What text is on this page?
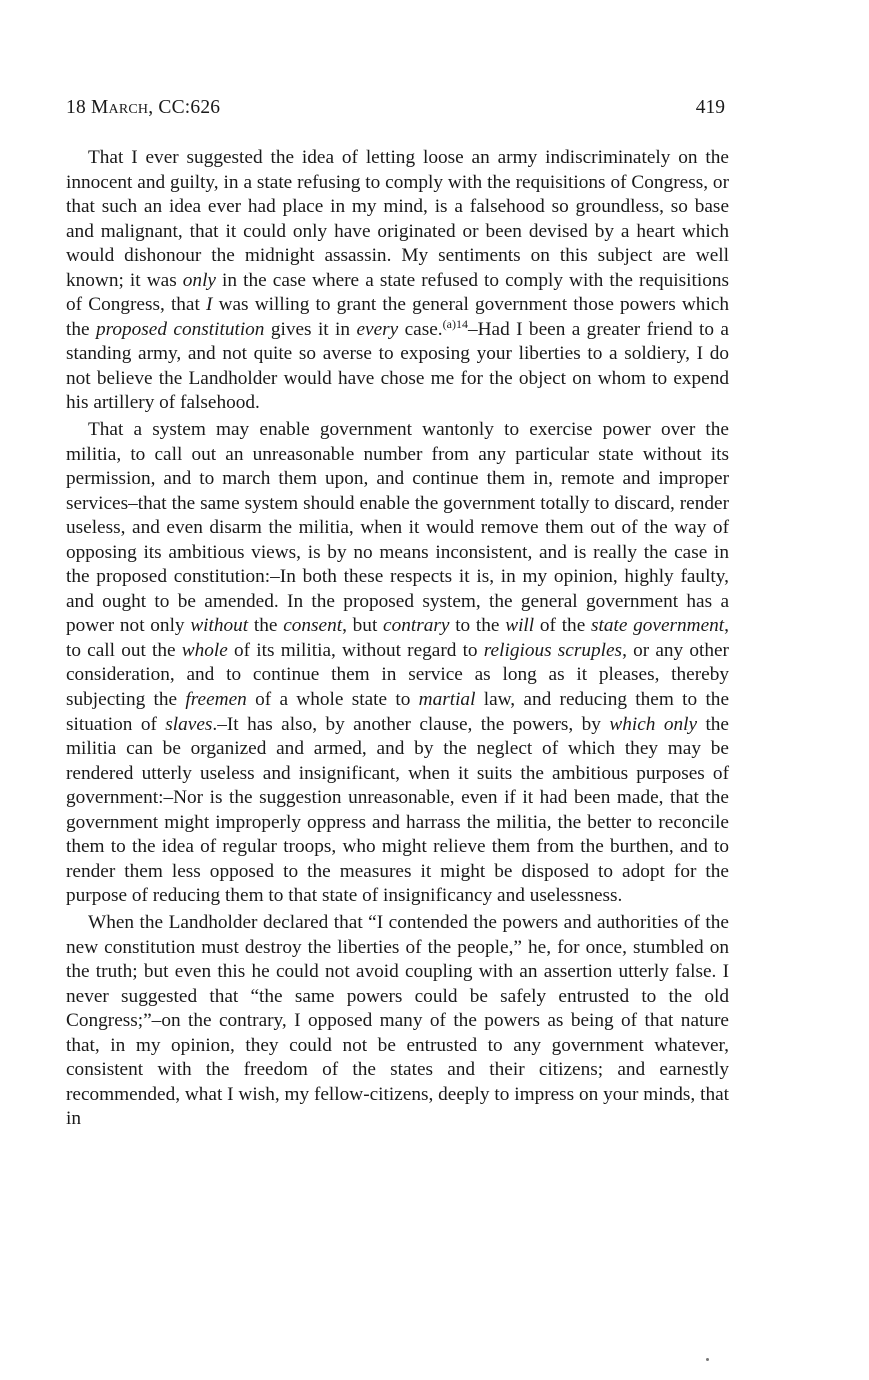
18 March, CC:626	419

That I ever suggested the idea of letting loose an army indiscriminately on the innocent and guilty, in a state refusing to comply with the requisitions of Congress, or that such an idea ever had place in my mind, is a falsehood so groundless, so base and malignant, that it could only have originated or been devised by a heart which would dishonour the midnight assassin. My sentiments on this subject are well known; it was only in the case where a state refused to comply with the requisitions of Congress, that I was willing to grant the general government those powers which the proposed constitution gives it in every case.$^{(a)14}$–Had I been a greater friend to a standing army, and not quite so averse to exposing your liberties to a soldiery, I do not believe the Landholder would have chose me for the object on whom to expend his artillery of falsehood.

That a system may enable government wantonly to exercise power over the militia, to call out an unreasonable number from any particular state without its permission, and to march them upon, and continue them in, remote and improper services–that the same system should enable the government totally to discard, render useless, and even disarm the militia, when it would remove them out of the way of opposing its ambitious views, is by no means inconsistent, and is really the case in the proposed constitution:–In both these respects it is, in my opinion, highly faulty, and ought to be amended. In the proposed system, the general government has a power not only without the consent, but contrary to the will of the state government, to call out the whole of its militia, without regard to religious scruples, or any other consideration, and to continue them in service as long as it pleases, thereby subjecting the freemen of a whole state to martial law, and reducing them to the situation of slaves.–It has also, by another clause, the powers, by which only the militia can be organized and armed, and by the neglect of which they may be rendered utterly useless and insignificant, when it suits the ambitious purposes of government:–Nor is the suggestion unreasonable, even if it had been made, that the government might improperly oppress and harrass the militia, the better to reconcile them to the idea of regular troops, who might relieve them from the burthen, and to render them less opposed to the measures it might be disposed to adopt for the purpose of reducing them to that state of insignificancy and uselessness.

When the Landholder declared that “I contended the powers and authorities of the new constitution must destroy the liberties of the people,” he, for once, stumbled on the truth; but even this he could not avoid coupling with an assertion utterly false. I never suggested that “the same powers could be safely entrusted to the old Congress;”–on the contrary, I opposed many of the powers as being of that nature that, in my opinion, they could not be entrusted to any government whatever, consistent with the freedom of the states and their citizens; and earnestly recommended, what I wish, my fellow-citizens, deeply to impress on your minds, that in
